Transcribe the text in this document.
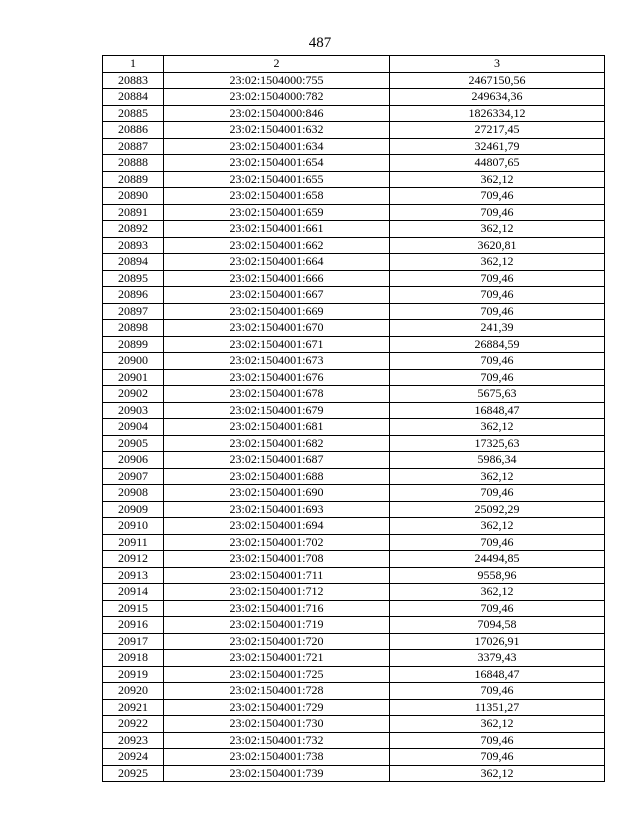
487
1	2	3
20883	23:02:1504000:755	2467150,56
20884	23:02:1504000:782	249634,36
20885	23:02:1504000:846	1826334,12
20886	23:02:1504001:632	27217,45
20887	23:02:1504001:634	32461,79
20888	23:02:1504001:654	44807,65
20889	23:02:1504001:655	362,12
20890	23:02:1504001:658	709,46
20891	23:02:1504001:659	709,46
20892	23:02:1504001:661	362,12
20893	23:02:1504001:662	3620,81
20894	23:02:1504001:664	362,12
20895	23:02:1504001:666	709,46
20896	23:02:1504001:667	709,46
20897	23:02:1504001:669	709,46
20898	23:02:1504001:670	241,39
20899	23:02:1504001:671	26884,59
20900	23:02:1504001:673	709,46
20901	23:02:1504001:676	709,46
20902	23:02:1504001:678	5675,63
20903	23:02:1504001:679	16848,47
20904	23:02:1504001:681	362,12
20905	23:02:1504001:682	17325,63
20906	23:02:1504001:687	5986,34
20907	23:02:1504001:688	362,12
20908	23:02:1504001:690	709,46
20909	23:02:1504001:693	25092,29
20910	23:02:1504001:694	362,12
20911	23:02:1504001:702	709,46
20912	23:02:1504001:708	24494,85
20913	23:02:1504001:711	9558,96
20914	23:02:1504001:712	362,12
20915	23:02:1504001:716	709,46
20916	23:02:1504001:719	7094,58
20917	23:02:1504001:720	17026,91
20918	23:02:1504001:721	3379,43
20919	23:02:1504001:725	16848,47
20920	23:02:1504001:728	709,46
20921	23:02:1504001:729	11351,27
20922	23:02:1504001:730	362,12
20923	23:02:1504001:732	709,46
20924	23:02:1504001:738	709,46
20925	23:02:1504001:739	362,12
